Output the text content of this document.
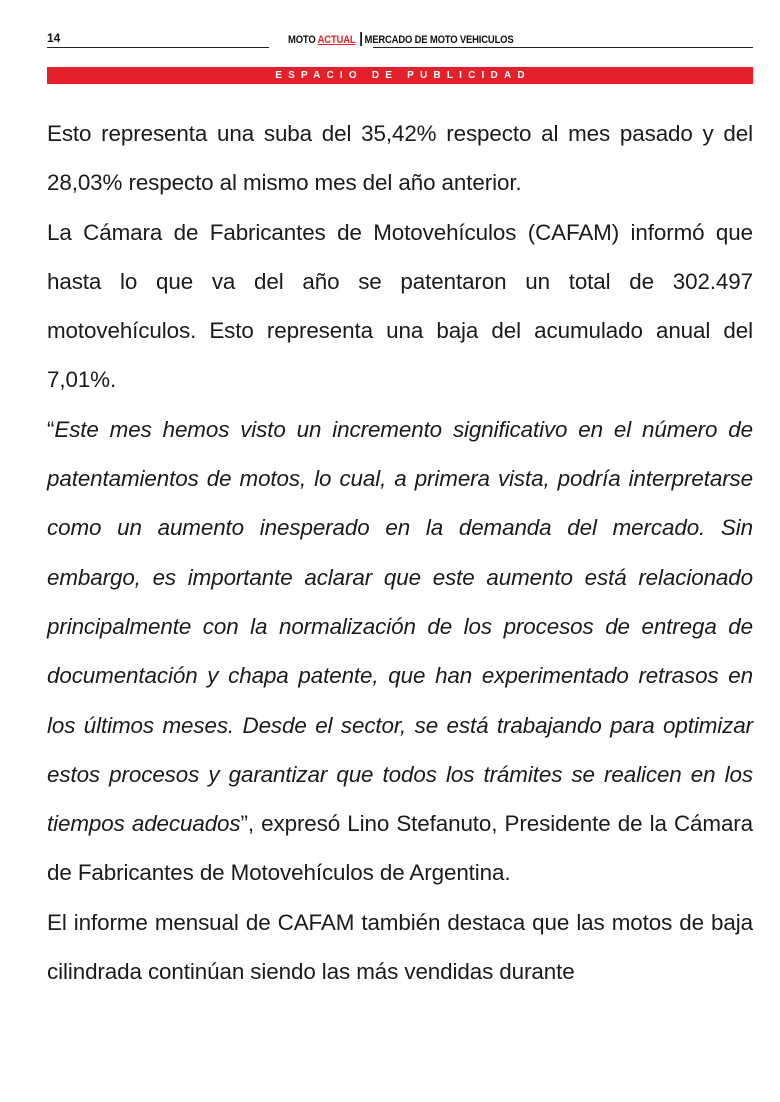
14	MOTO ACTUAL MERCADO DE MOTO VEHICULOS
ESPACIO DE PUBLICIDAD

Esto representa una suba del 35,42% respecto al mes pasado y del 28,03% respecto al mismo mes del año anterior.

La Cámara de Fabricantes de Motovehículos (CAFAM) informó que hasta lo que va del año se patentaron un total de 302.497 motovehículos. Esto representa una baja del acumulado anual del 7,01%.

“Este mes hemos visto un incremento significativo en el número de patentamientos de motos, lo cual, a primera vista, podría interpretarse como un aumento inesperado en la demanda del mercado. Sin embargo, es importante aclarar que este aumento está relacionado principalmente con la normalización de los procesos de entrega de documentación y chapa patente, que han experimentado retrasos en los últimos meses. Desde el sector, se está trabajando para optimizar estos procesos y garantizar que todos los trámites se realicen en los tiempos adecuados”, expresó Lino Stefanuto, Presidente de la Cámara de Fabricantes de Motovehículos de Argentina.

El informe mensual de CAFAM también destaca que las motos de baja cilindrada continúan siendo las más vendidas durante
